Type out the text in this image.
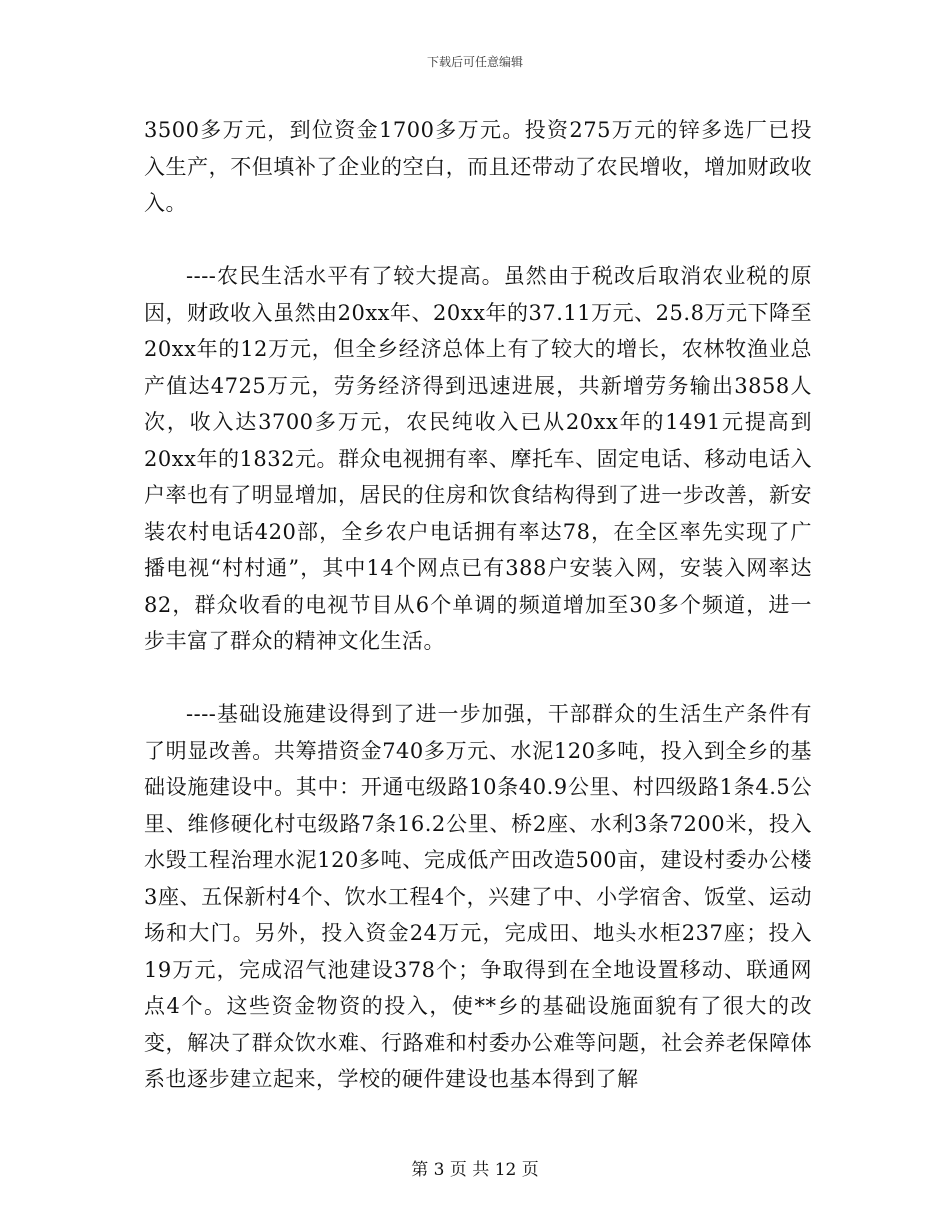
下载后可任意编辑

3500多万元，到位资金1700多万元。投资275万元的锌多选厂已投入生产，不但填补了企业的空白，而且还带动了农民增收，增加财政收入。

----农民生活水平有了较大提高。虽然由于税改后取消农业税的原因，财政收入虽然由20xx年、20xx年的37.11万元、25.8万元下降至20xx年的12万元，但全乡经济总体上有了较大的增长，农林牧渔业总产值达4725万元，劳务经济得到迅速进展，共新增劳务输出3858人次，收入达3700多万元，农民纯收入已从20xx年的1491元提高到20xx年的1832元。群众电视拥有率、摩托车、固定电话、移动电话入户率也有了明显增加，居民的住房和饮食结构得到了进一步改善，新安装农村电话420部，全乡农户电话拥有率达78，在全区率先实现了广播电视“村村通”，其中14个网点已有388户安装入网，安装入网率达82，群众收看的电视节目从6个单调的频道增加至30多个频道，进一步丰富了群众的精神文化生活。

----基础设施建设得到了进一步加强，干部群众的生活生产条件有了明显改善。共筹措资金740多万元、水泥120多吨，投入到全乡的基础设施建设中。其中：开通屯级路10条40.9公里、村四级路1条4.5公里、维修硬化村屯级路7条16.2公里、桥2座、水利3条7200米，投入水毁工程治理水泥120多吨、完成低产田改造500亩，建设村委办公楼3座、五保新村4个、饮水工程4个，兴建了中、小学宿舍、饭堂、运动场和大门。另外，投入资金24万元，完成田、地头水柜237座；投入19万元，完成沼气池建设378个；争取得到在全地设置移动、联通网点4个。这些资金物资的投入，使**乡的基础设施面貌有了很大的改变，解决了群众饮水难、行路难和村委办公难等问题，社会养老保障体系也逐步建立起来，学校的硬件建设也基本得到了解

第 3 页 共 12 页
